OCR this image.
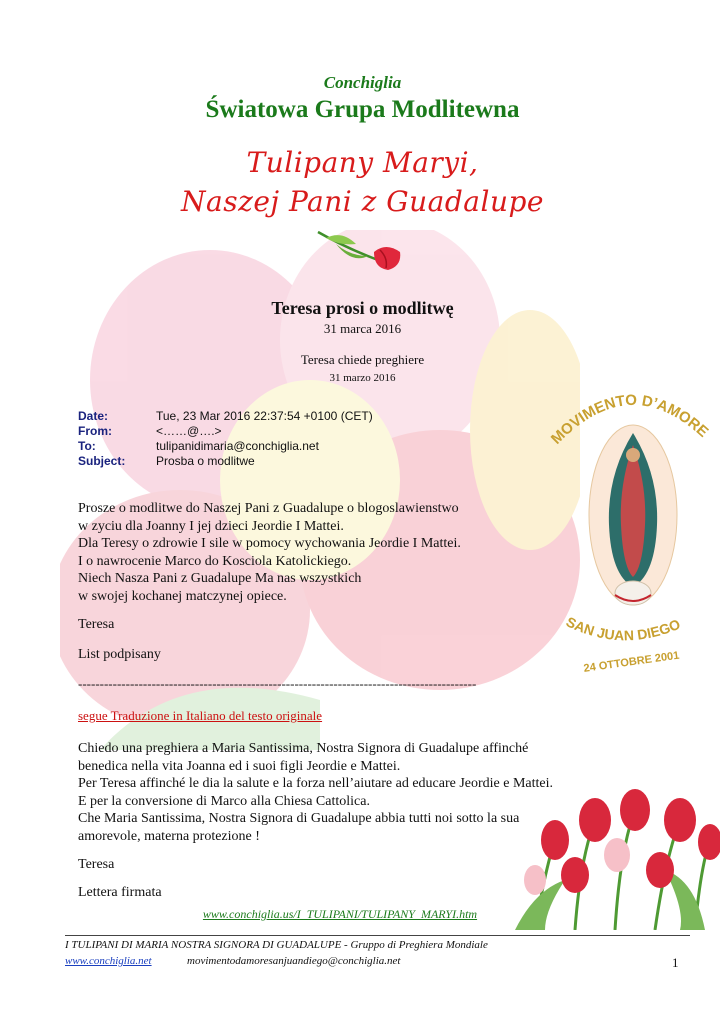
Conchiglia
Światowa Grupa Modlitewna
Tulipany Maryi,
Naszej Pani z Guadalupe
Teresa prosi o modlitwę
31 marca 2016
Teresa chiede preghiere
31 marzo 2016
Date:	Tue, 23 Mar 2016 22:37:54 +0100 (CET)
From:	<……@….>
To:	tulipanidimaria@conchiglia.net
Subject:	Prosba o modlitwe
Prosze o modlitwe do Naszej Pani z Guadalupe o blogoslawienstwo
w zyciu dla Joanny I jej dzieci Jeordie I Mattei.
Dla Teresy o zdrowie I sile w pomocy wychowania Jeordie I Mattei.
I o nawrocenie Marco do Kosciola Katolickiego.
Niech Nasza Pani z Guadalupe Ma nas wszystkich
w swojej kochanej matczynej opiece.
Teresa
List podpisany
--------------------------------------------------------------------------------------------
segue Traduzione in Italiano del testo originale
Chiedo una preghiera a Maria Santissima, Nostra Signora di Guadalupe affinché
benedica nella vita Joanna ed i suoi figli Jeordie e Mattei.
Per Teresa affinché le dia la salute e la forza nell’aiutare ad educare Jeordie e Mattei.
E per la conversione di Marco alla Chiesa Cattolica.
Che Maria Santissima, Nostra Signora di Guadalupe abbia tutti noi sotto la sua
amorevole, materna protezione !
Teresa
Lettera firmata
www.conchiglia.us/I_TULIPANI/TULIPANY_MARYI.htm
MOVIMENTO D’AMORE
SAN JUAN DIEGO
24 OTTOBRE 2001
I TULIPANI DI MARIA NOSTRA SIGNORA DI GUADALUPE - Gruppo di Preghiera Mondiale
www.conchiglia.net	movimentodamoresanjuandiego@conchiglia.net	1
